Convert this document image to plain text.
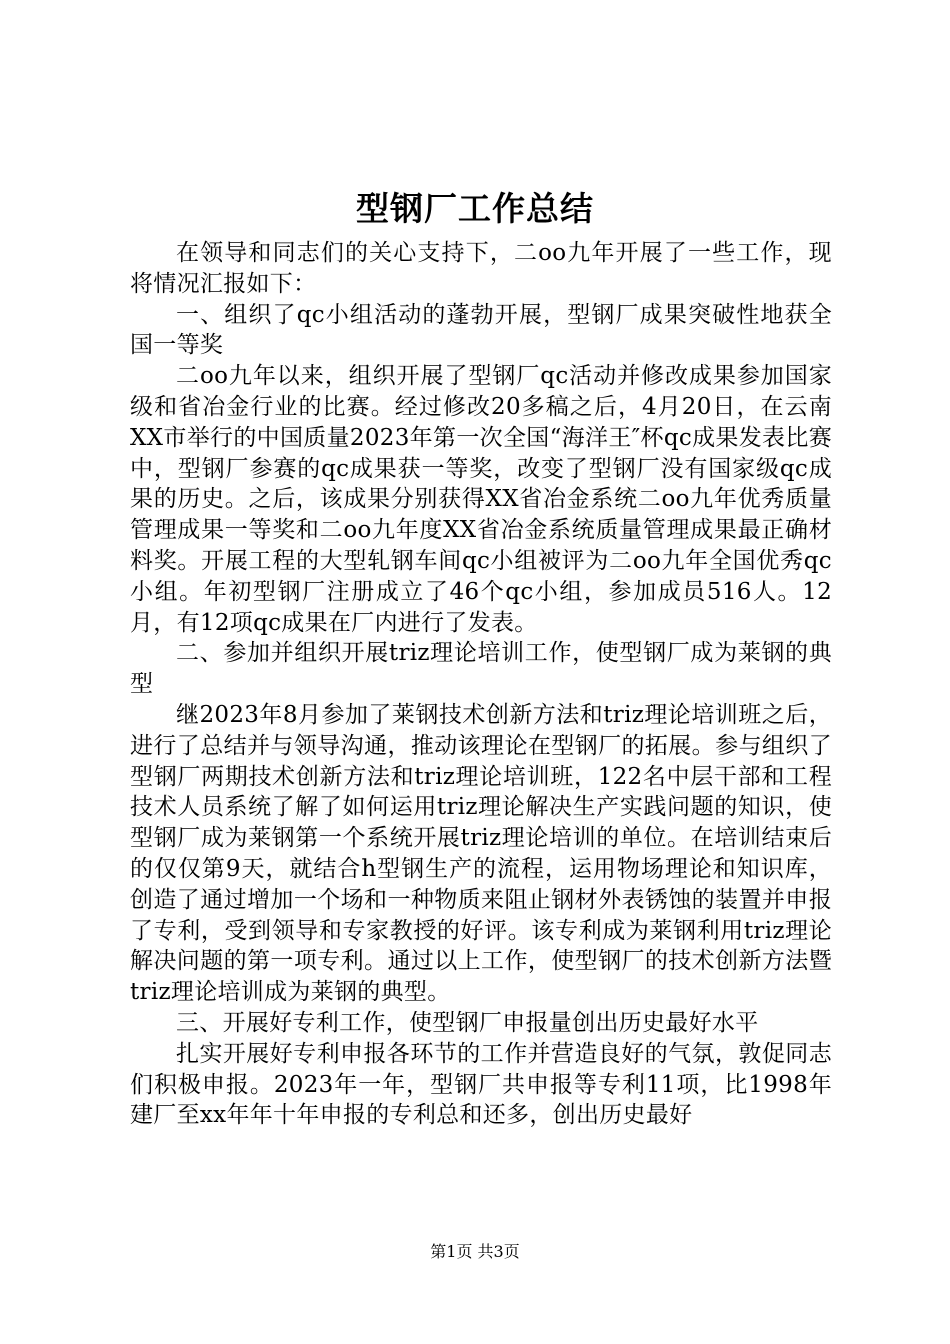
型钢厂工作总结

在领导和同志们的关心支持下，二oo九年开展了一些工作，现将情况汇报如下：

一、组织了qc小组活动的蓬勃开展，型钢厂成果突破性地获全国一等奖

二oo九年以来，组织开展了型钢厂qc活动并修改成果参加国家级和省冶金行业的比赛。经过修改20多稿之后，4月20日，在云南XX市举行的中国质量2023年第一次全国“海洋王″杯qc成果发表比赛中，型钢厂参赛的qc成果获一等奖，改变了型钢厂没有国家级qc成果的历史。之后，该成果分别获得XX省冶金系统二oo九年优秀质量管理成果一等奖和二oo九年度XX省冶金系统质量管理成果最正确材料奖。开展工程的大型轧钢车间qc小组被评为二oo九年全国优秀qc小组。年初型钢厂注册成立了46个qc小组，参加成员516人。12月，有12项qc成果在厂内进行了发表。

二、参加并组织开展triz理论培训工作，使型钢厂成为莱钢的典型

继2023年8月参加了莱钢技术创新方法和triz理论培训班之后，进行了总结并与领导沟通，推动该理论在型钢厂的拓展。参与组织了型钢厂两期技术创新方法和triz理论培训班，122名中层干部和工程技术人员系统了解了如何运用triz理论解决生产实践问题的知识，使型钢厂成为莱钢第一个系统开展triz理论培训的单位。在培训结束后的仅仅第9天，就结合h型钢生产的流程，运用物场理论和知识库，创造了通过增加一个场和一种物质来阻止钢材外表锈蚀的装置并申报了专利，受到领导和专家教授的好评。该专利成为莱钢利用triz理论解决问题的第一项专利。通过以上工作，使型钢厂的技术创新方法暨triz理论培训成为莱钢的典型。

三、开展好专利工作，使型钢厂申报量创出历史最好水平

扎实开展好专利申报各环节的工作并营造良好的气氛，敦促同志们积极申报。2023年一年，型钢厂共申报等专利11项，比1998年建厂至xx年年十年申报的专利总和还多，创出历史最好

第1页 共3页
